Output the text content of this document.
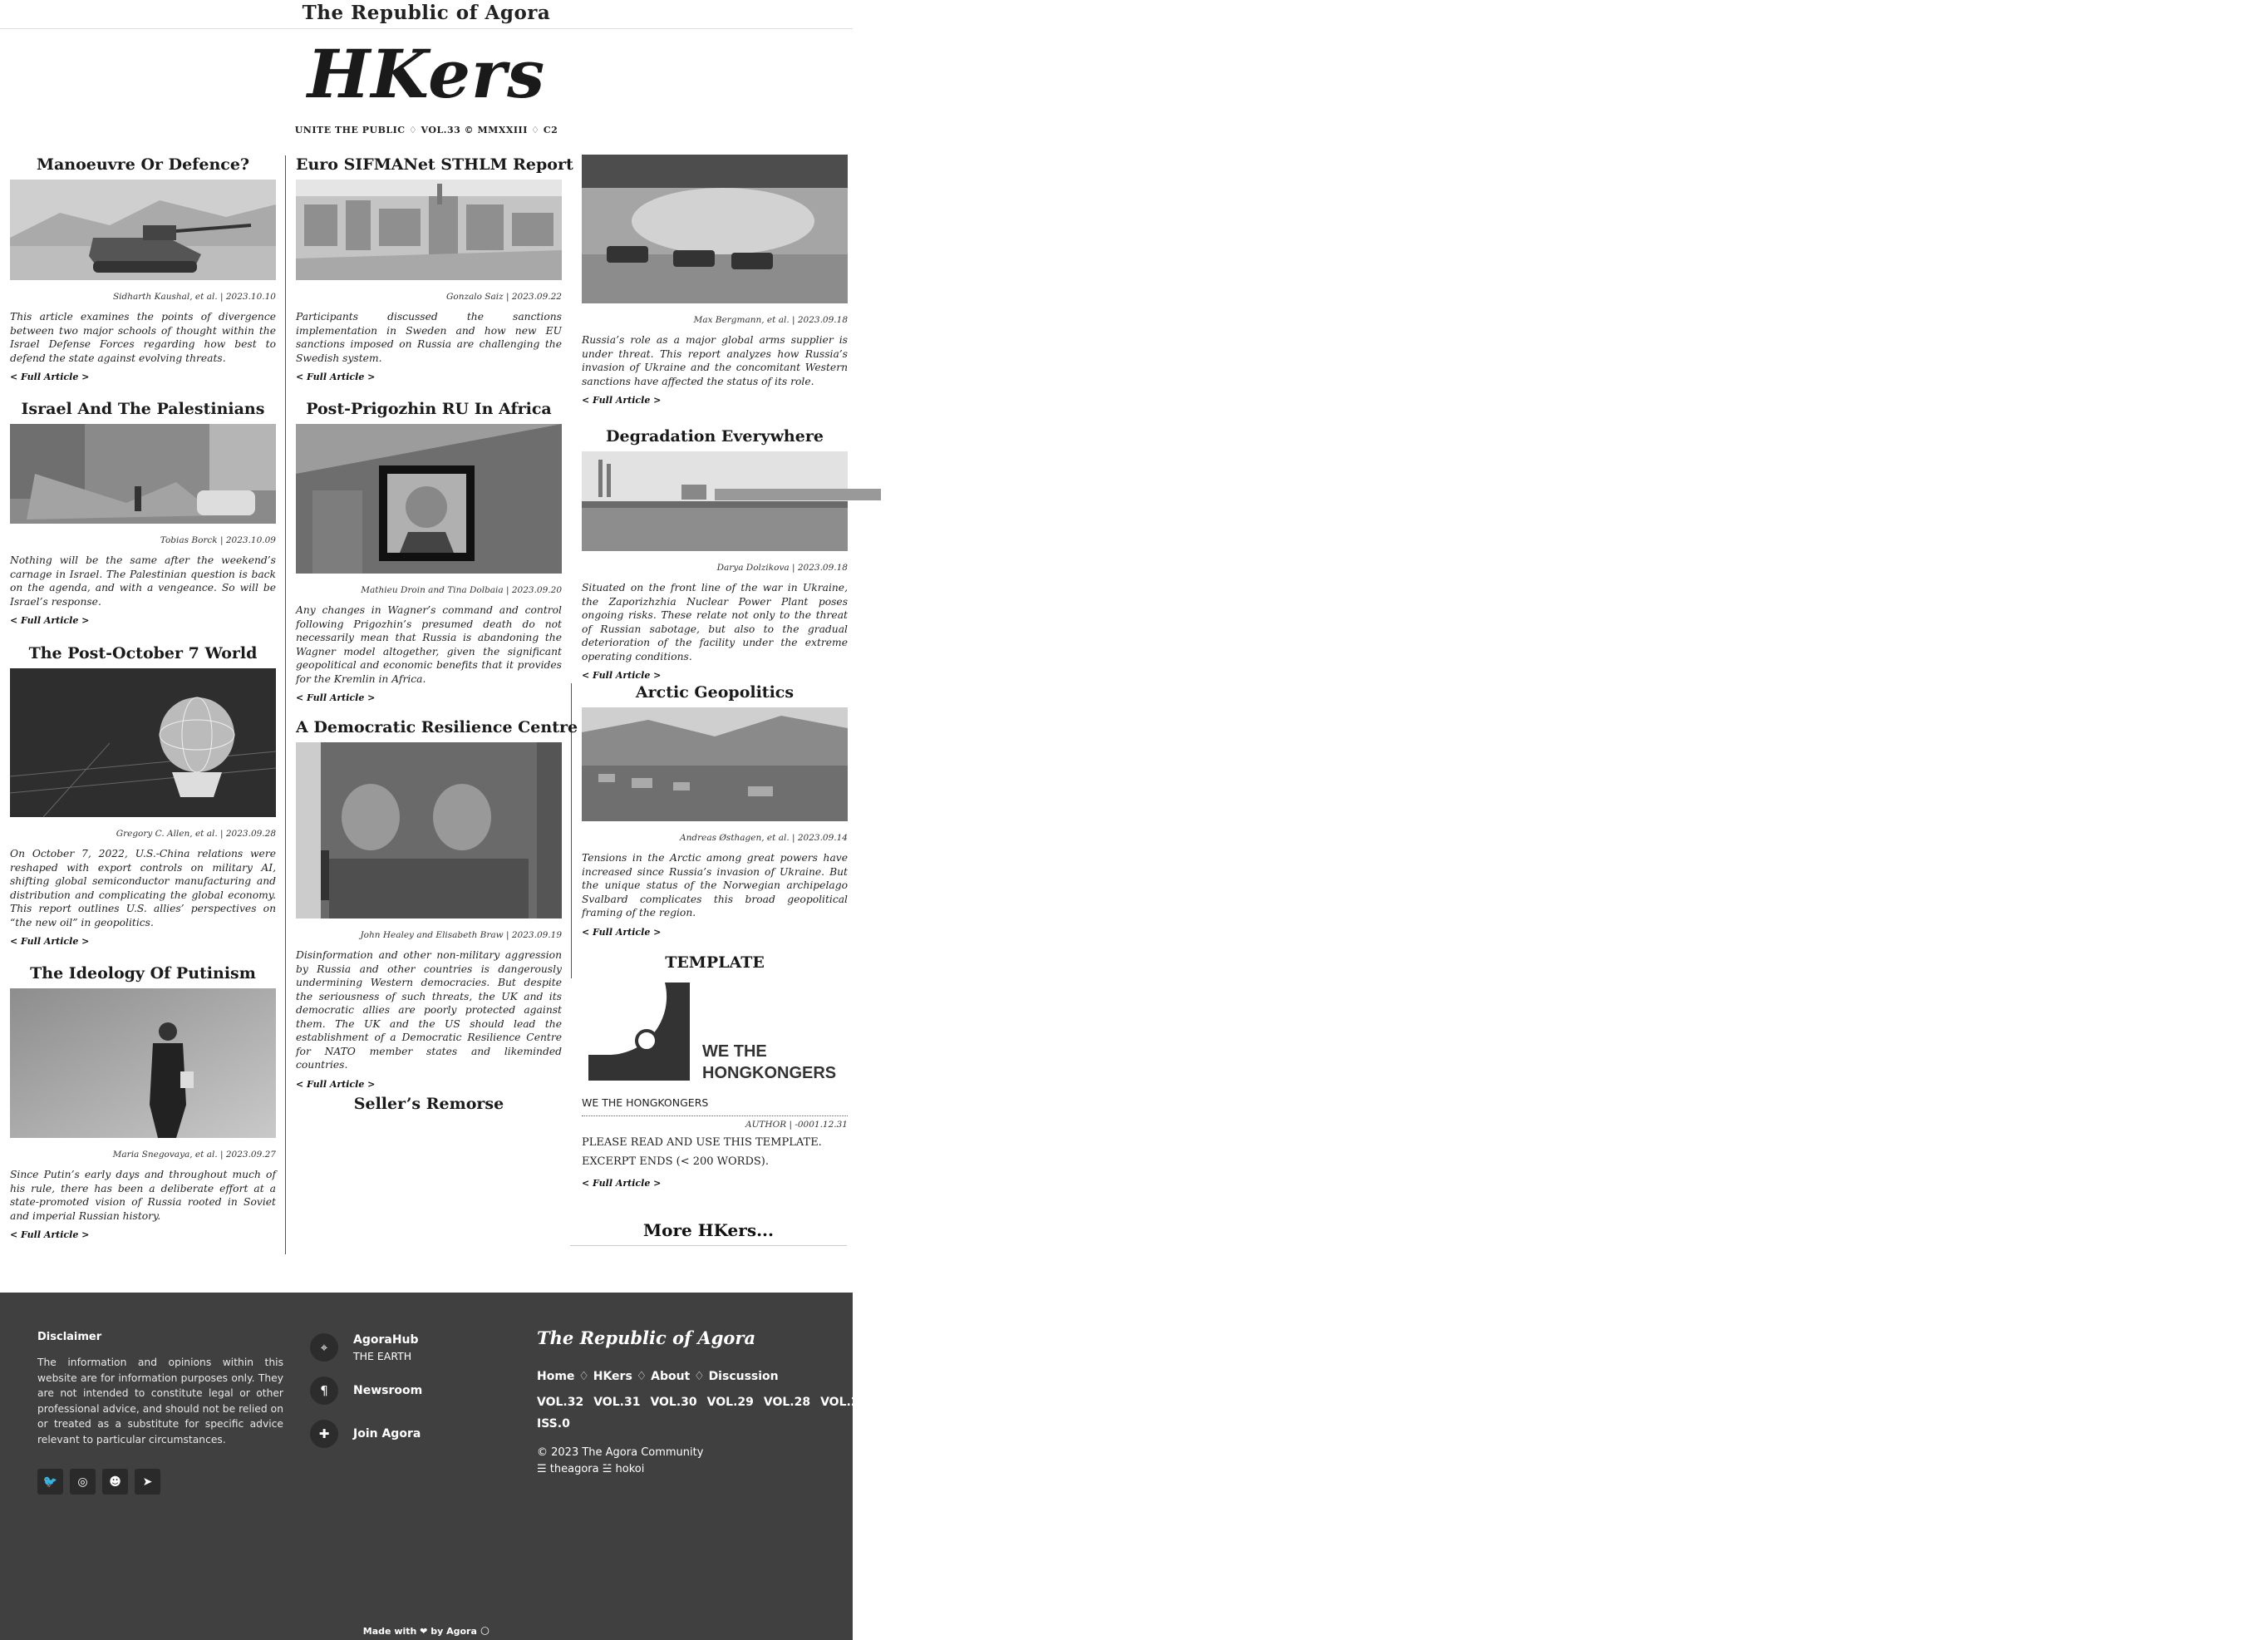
The Republic of Agora
HKers
UNITE THE PUBLIC ♢ VOL.33 © MMXXIII ♢ C2
Manoeuvre Or Defence?
Sidharth Kaushal, et al. | 2023.10.10

This article examines the points of divergence between two major schools of thought within the Israel Defense Forces regarding how best to defend the state against evolving threats.

< Full Article >
Israel And The Palestinians
Tobias Borck | 2023.10.09

Nothing will be the same after the weekend’s carnage in Israel. The Palestinian question is back on the agenda, and with a vengeance. So will be Israel’s response.

< Full Article >
The Post-October 7 World
Gregory C. Allen, et al. | 2023.09.28

On October 7, 2022, U.S.-China relations were reshaped with export controls on military AI, shifting global semiconductor manufacturing and distribution and complicating the global economy. This report outlines U.S. allies’ perspectives on “the new oil” in geopolitics.

< Full Article >
The Ideology Of Putinism
Maria Snegovaya, et al. | 2023.09.27

Since Putin’s early days and throughout much of his rule, there has been a deliberate effort at a state-promoted vision of Russia rooted in Soviet and imperial Russian history.

< Full Article >
Euro SIFMANet STHLM Report
Gonzalo Saiz | 2023.09.22

Participants discussed the sanctions implementation in Sweden and how new EU sanctions imposed on Russia are challenging the Swedish system.

< Full Article >
Post-Prigozhin RU In Africa
Mathieu Droin and Tina Dolbaia | 2023.09.20

Any changes in Wagner’s command and control following Prigozhin’s presumed death do not necessarily mean that Russia is abandoning the Wagner model altogether, given the significant geopolitical and economic benefits that it provides for the Kremlin in Africa.

< Full Article >
A Democratic Resilience Centre
John Healey and Elisabeth Braw | 2023.09.19

Disinformation and other non-military aggression by Russia and other countries is dangerously undermining Western democracies. But despite the seriousness of such threats, the UK and its democratic allies are poorly protected against them. The UK and the US should lead the establishment of a Democratic Resilience Centre for NATO member states and likeminded countries.

< Full Article >
Seller’s Remorse
Max Bergmann, et al. | 2023.09.18

Russia’s role as a major global arms supplier is under threat. This report analyzes how Russia’s invasion of Ukraine and the concomitant Western sanctions have affected the status of its role.

< Full Article >
Degradation Everywhere
Darya Dolzikova | 2023.09.18

Situated on the front line of the war in Ukraine, the Zaporizhzhia Nuclear Power Plant poses ongoing risks. These relate not only to the threat of Russian sabotage, but also to the gradual deterioration of the facility under the extreme operating conditions.

< Full Article >
Arctic Geopolitics
Andreas Østhagen, et al. | 2023.09.14

Tensions in the Arctic among great powers have increased since Russia’s invasion of Ukraine. But the unique status of the Norwegian archipelago Svalbard complicates this broad geopolitical framing of the region.

< Full Article >
TEMPLATE
WE THE
HONGKONGERS
WE THE HONGKONGERS
AUTHOR | -0001.12.31
PLEASE READ AND USE THIS TEMPLATE.
EXCERPT ENDS (< 200 WORDS).
< Full Article >
More HKers...
Disclaimer

The information and opinions within this website are for information purposes only. They are not intended to constitute legal or other professional advice, and should not be relied on or treated as a substitute for specific advice relevant to particular circumstances.

🐦	◎	☻	➤
⌖
AgoraHub
THE EARTH
¶	Newsroom
✚	Join Agora
The Republic of Agora
Home ♢ HKers ♢ About ♢ Discussion
VOL.32 VOL.31 VOL.30 VOL.29 VOL.28 VOL.27 VOL.26 VOL.25 VOL.24 VOL.23 VOL.22 VOL.21 VOL.20 VOL.19 VOL.18 VOL.17 VOL.16 VOL.15 VOL.14 VOL.13 VOL.12 VOL.11 VOL.10 VOL.9 VOL.8 VOL.7 VOL.6 VOL.5 VOL.4 VOL.3 VOL.2 VOL.1 ISS.0
© 2023 The Agora Community
☰ theagora ☱ hokoi
Made with ❤ by Agora 🌕
